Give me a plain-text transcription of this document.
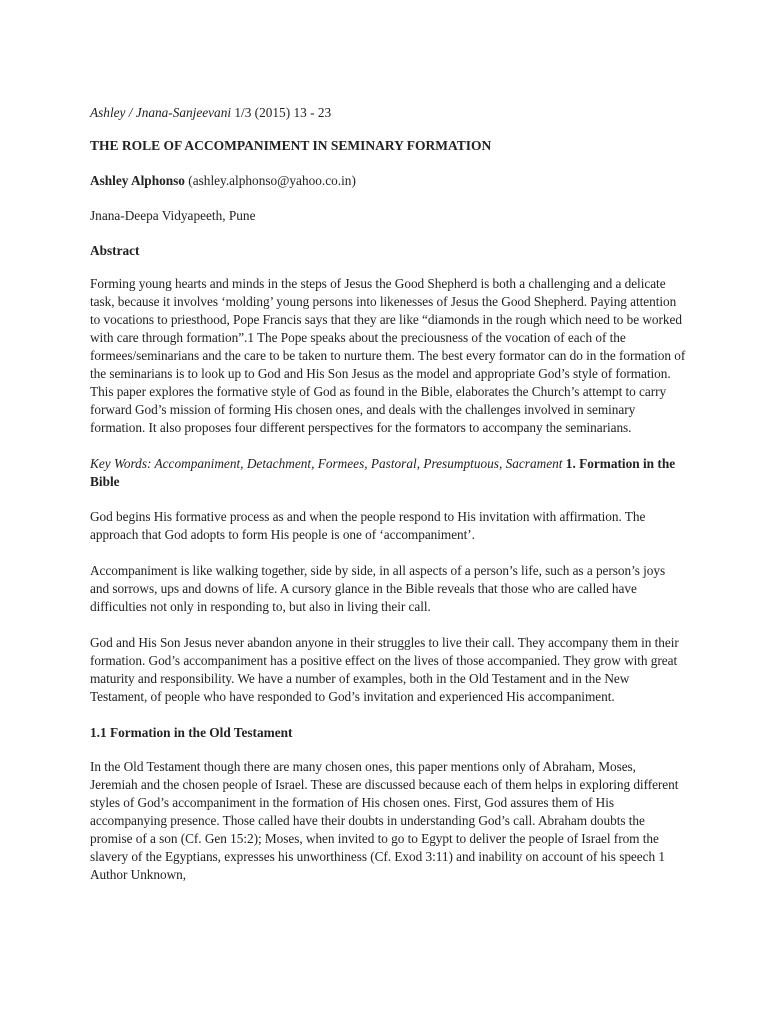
Ashley / Jnana-Sanjeevani 1/3 (2015) 13 - 23
THE ROLE OF ACCOMPANIMENT IN SEMINARY FORMATION
Ashley Alphonso (ashley.alphonso@yahoo.co.in)
Jnana-Deepa Vidyapeeth, Pune
Abstract

Forming young hearts and minds in the steps of Jesus the Good Shepherd is both a challenging and a delicate task, because it involves ‘molding’ young persons into likenesses of Jesus the Good Shepherd. Paying attention to vocations to priesthood, Pope Francis says that they are like “diamonds in the rough which need to be worked with care through formation”.1 The Pope speaks about the preciousness of the vocation of each of the formees/seminarians and the care to be taken to nurture them. The best every formator can do in the formation of the seminarians is to look up to God and His Son Jesus as the model and appropriate God’s style of formation. This paper explores the formative style of God as found in the Bible, elaborates the Church’s attempt to carry forward God’s mission of forming His chosen ones, and deals with the challenges involved in seminary formation. It also proposes four different perspectives for the formators to accompany the seminarians.

Key Words: Accompaniment, Detachment, Formees, Pastoral, Presumptuous, Sacrament 1. Formation in the Bible

God begins His formative process as and when the people respond to His invitation with affirmation. The approach that God adopts to form His people is one of ‘accompaniment’.

Accompaniment is like walking together, side by side, in all aspects of a person’s life, such as a person’s joys and sorrows, ups and downs of life. A cursory glance in the Bible reveals that those who are called have difficulties not only in responding to, but also in living their call.

God and His Son Jesus never abandon anyone in their struggles to live their call. They accompany them in their formation. God’s accompaniment has a positive effect on the lives of those accompanied. They grow with great maturity and responsibility. We have a number of examples, both in the Old Testament and in the New Testament, of people who have responded to God’s invitation and experienced His accompaniment.

1.1 Formation in the Old Testament

In the Old Testament though there are many chosen ones, this paper mentions only of Abraham, Moses, Jeremiah and the chosen people of Israel. These are discussed because each of them helps in exploring different styles of God’s accompaniment in the formation of His chosen ones. First, God assures them of His accompanying presence. Those called have their doubts in understanding God’s call. Abraham doubts the promise of a son (Cf. Gen 15:2); Moses, when invited to go to Egypt to deliver the people of Israel from the slavery of the Egyptians, expresses his unworthiness (Cf. Exod 3:11) and inability on account of his speech 1 Author Unknown,
